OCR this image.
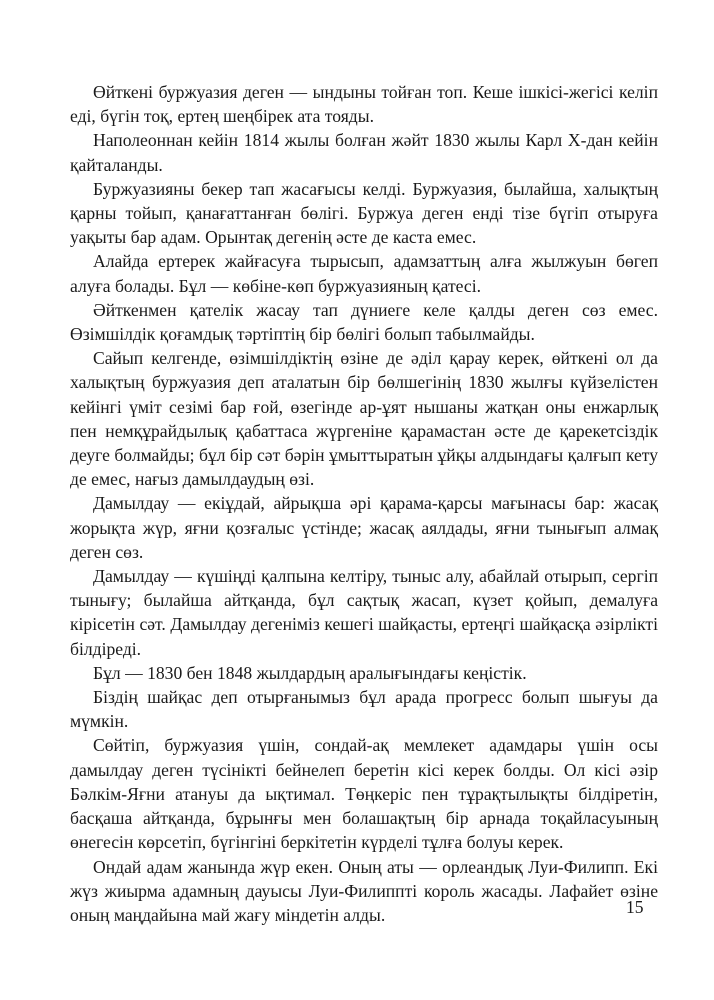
Өйткені буржуазия деген — ындыны тойған топ. Кеше ішкісі-жегісі келіп еді, бүгін тоқ, ертең шеңбірек ата тояды.

Наполеоннан кейін 1814 жылы болған жәйт 1830 жылы Карл X-дан кейін қайталанды.

Буржуазияны бекер тап жасағысы келді. Буржуазия, былайша, халықтың қарны тойып, қанағаттанған бөлігі. Буржуа деген енді тізе бүгіп отыруға уақыты бар адам. Орынтақ дегенің әсте де каста емес.

Алайда ертерек жайғасуға тырысып, адамзаттың алға жылжуын бөгеп алуға болады. Бұл — көбіне-көп буржуазияның қатесі.

Әйткенмен қателік жасау тап дүниеге келе қалды деген сөз емес. Өзімшілдік қоғамдық тәртіптің бір бөлігі болып табылмайды.

Сайып келгенде, өзімшілдіктің өзіне де әділ қарау керек, өйткені ол да халықтың буржуазия деп аталатын бір бөлшегінің 1830 жылғы күйзелістен кейінгі үміт сезімі бар ғой, өзегінде ар-ұят нышаны жатқан оны енжарлық пен немқұрайдылық қабаттаса жүргеніне қарамастан әсте де қарекетсіздік деуге болмайды; бұл бір сәт бәрін ұмыттыратын ұйқы алдындағы қалғып кету де емес, нағыз дамылдаудың өзі.

Дамылдау — екіұдай, айрықша әрі қарама-қарсы мағынасы бар: жасақ жорықта жүр, яғни қозғалыс үстінде; жасақ аялдады, яғни тынығып алмақ деген сөз.

Дамылдау — күшіңді қалпына келтіру, тыныс алу, абайлай отырып, сергіп тынығу; былайша айтқанда, бұл сақтық жасап, күзет қойып, демалуға кірісетін сәт. Дамылдау дегеніміз кешегі шайқасты, ертеңгі шайқасқа әзірлікті білдіреді.

Бұл — 1830 бен 1848 жылдардың аралығындағы кеңістік.

Біздің шайқас деп отырғанымыз бұл арада прогресс болып шығуы да мүмкін.

Сөйтіп, буржуазия үшін, сондай-ақ мемлекет адамдары үшін осы дамылдау деген түсінікті бейнелеп беретін кісі керек болды. Ол кісі әзір Бәлкім-Яғни атануы да ықтимал. Төңкеріс пен тұрақтылықты білдіретін, басқаша айтқанда, бұрынғы мен болашақтың бір арнада тоқайласуының өнегесін көрсетіп, бүгінгіні беркітетін күрделі тұлға болуы керек.

Ондай адам жанында жүр екен. Оның аты — орлеандық Луи-Филипп. Екі жүз жиырма адамның дауысы Луи-Филиппті король жасады. Лафайет өзіне оның маңдайына май жағу міндетін алды.	15
